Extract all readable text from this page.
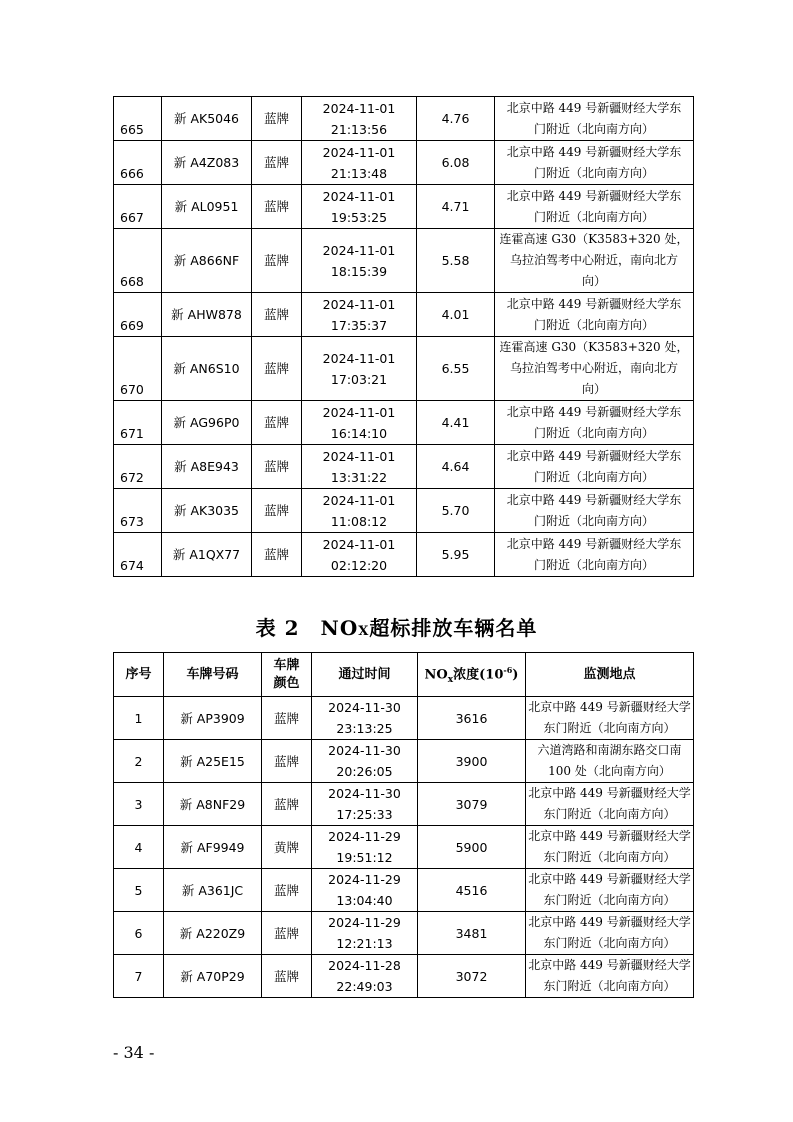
665	新 AK5046	蓝牌	2024-11-01
21:13:56	4.76	北京中路 449 号新疆财经大学东
门附近（北向南方向）
666	新 A4Z083	蓝牌	2024-11-01
21:13:48	6.08	北京中路 449 号新疆财经大学东
门附近（北向南方向）
667	新 AL0951	蓝牌	2024-11-01
19:53:25	4.71	北京中路 449 号新疆财经大学东
门附近（北向南方向）
668	新 A866NF	蓝牌	2024-11-01
18:15:39	5.58	连霍高速 G30（K3583+320 处，
乌拉泊驾考中心附近，南向北方
向）
669	新 AHW878	蓝牌	2024-11-01
17:35:37	4.01	北京中路 449 号新疆财经大学东
门附近（北向南方向）
670	新 AN6S10	蓝牌	2024-11-01
17:03:21	6.55	连霍高速 G30（K3583+320 处，
乌拉泊驾考中心附近，南向北方
向）
671	新 AG96P0	蓝牌	2024-11-01
16:14:10	4.41	北京中路 449 号新疆财经大学东
门附近（北向南方向）
672	新 A8E943	蓝牌	2024-11-01
13:31:22	4.64	北京中路 449 号新疆财经大学东
门附近（北向南方向）
673	新 AK3035	蓝牌	2024-11-01
11:08:12	5.70	北京中路 449 号新疆财经大学东
门附近（北向南方向）
674	新 A1QX77	蓝牌	2024-11-01
02:12:20	5.95	北京中路 449 号新疆财经大学东
门附近（北向南方向）
表 2　NOX超标排放车辆名单
序号	车牌号码	车牌
颜色	通过时间	$NO_x$浓度$(10^{-6})$	监测地点
1	新 AP3909	蓝牌	2024-11-30
23:13:25	3616	北京中路 449 号新疆财经大学
东门附近（北向南方向）
2	新 A25E15	蓝牌	2024-11-30
20:26:05	3900	六道湾路和南湖东路交口南
100 处（北向南方向）
3	新 A8NF29	蓝牌	2024-11-30
17:25:33	3079	北京中路 449 号新疆财经大学
东门附近（北向南方向）
4	新 AF9949	黄牌	2024-11-29
19:51:12	5900	北京中路 449 号新疆财经大学
东门附近（北向南方向）
5	新 A361JC	蓝牌	2024-11-29
13:04:40	4516	北京中路 449 号新疆财经大学
东门附近（北向南方向）
6	新 A220Z9	蓝牌	2024-11-29
12:21:13	3481	北京中路 449 号新疆财经大学
东门附近（北向南方向）
7	新 A70P29	蓝牌	2024-11-28
22:49:03	3072	北京中路 449 号新疆财经大学
东门附近（北向南方向）
- 34 -
